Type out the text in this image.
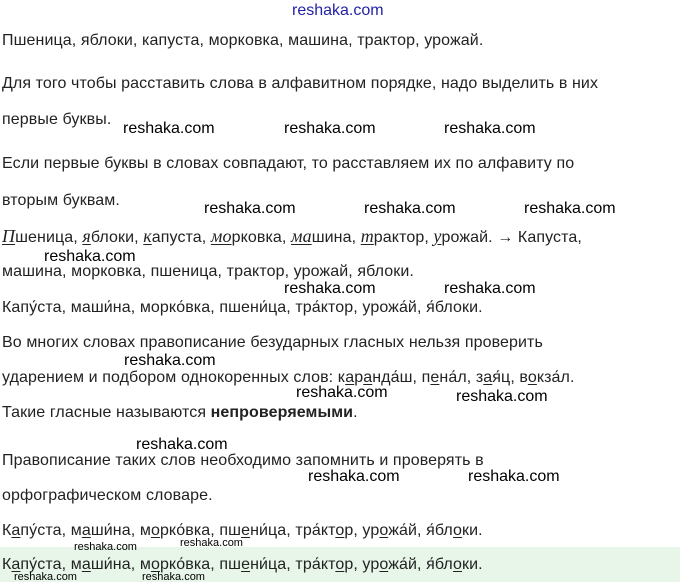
reshaka.com
Пшеница, яблоки, капуста, морковка, машина, трактор, урожай.
Для того чтобы расставить слова в алфавитном порядке, надо выделить в них
первые буквы.
Если первые буквы в словах совпадают, то расставляем их по алфавиту по
вторым буквам.
Пшеница, яблоки, капуста, морковка, машина, трактор, урожай. → Капуста,
машина, морковка, пшеница, трактор, урожай, яблоки.
Капу́ста, маши́на, морко́вка, пшени́ца, тра́ктор, урожа́й, я́блоки.
Во многих словах правописание безударных гласных нельзя проверить
ударением и подбором однокоренных слов: каранда́ш, пена́л, зая́ц, вокза́л.
Такие гласные называются непроверяемыми.
Правописание таких слов необходимо запомнить и проверять в
орфографическом словаре.
Капу́ста, маши́на, морко́вка, пшени́ца, тра́ктор, урожа́й, я́блоки.
Капу́ста, маши́на, морко́вка, пшени́ца, тра́ктор, урожа́й, я́блоки.
reshaka.com	reshaka.com	reshaka.com
reshaka.com	reshaka.com	reshaka.com
reshaka.com
reshaka.com	reshaka.com
reshaka.com
reshaka.com	reshaka.com
reshaka.com
reshaka.com	reshaka.com
reshaka.com	reshaka.com
reshaka.com	reshaka.com
